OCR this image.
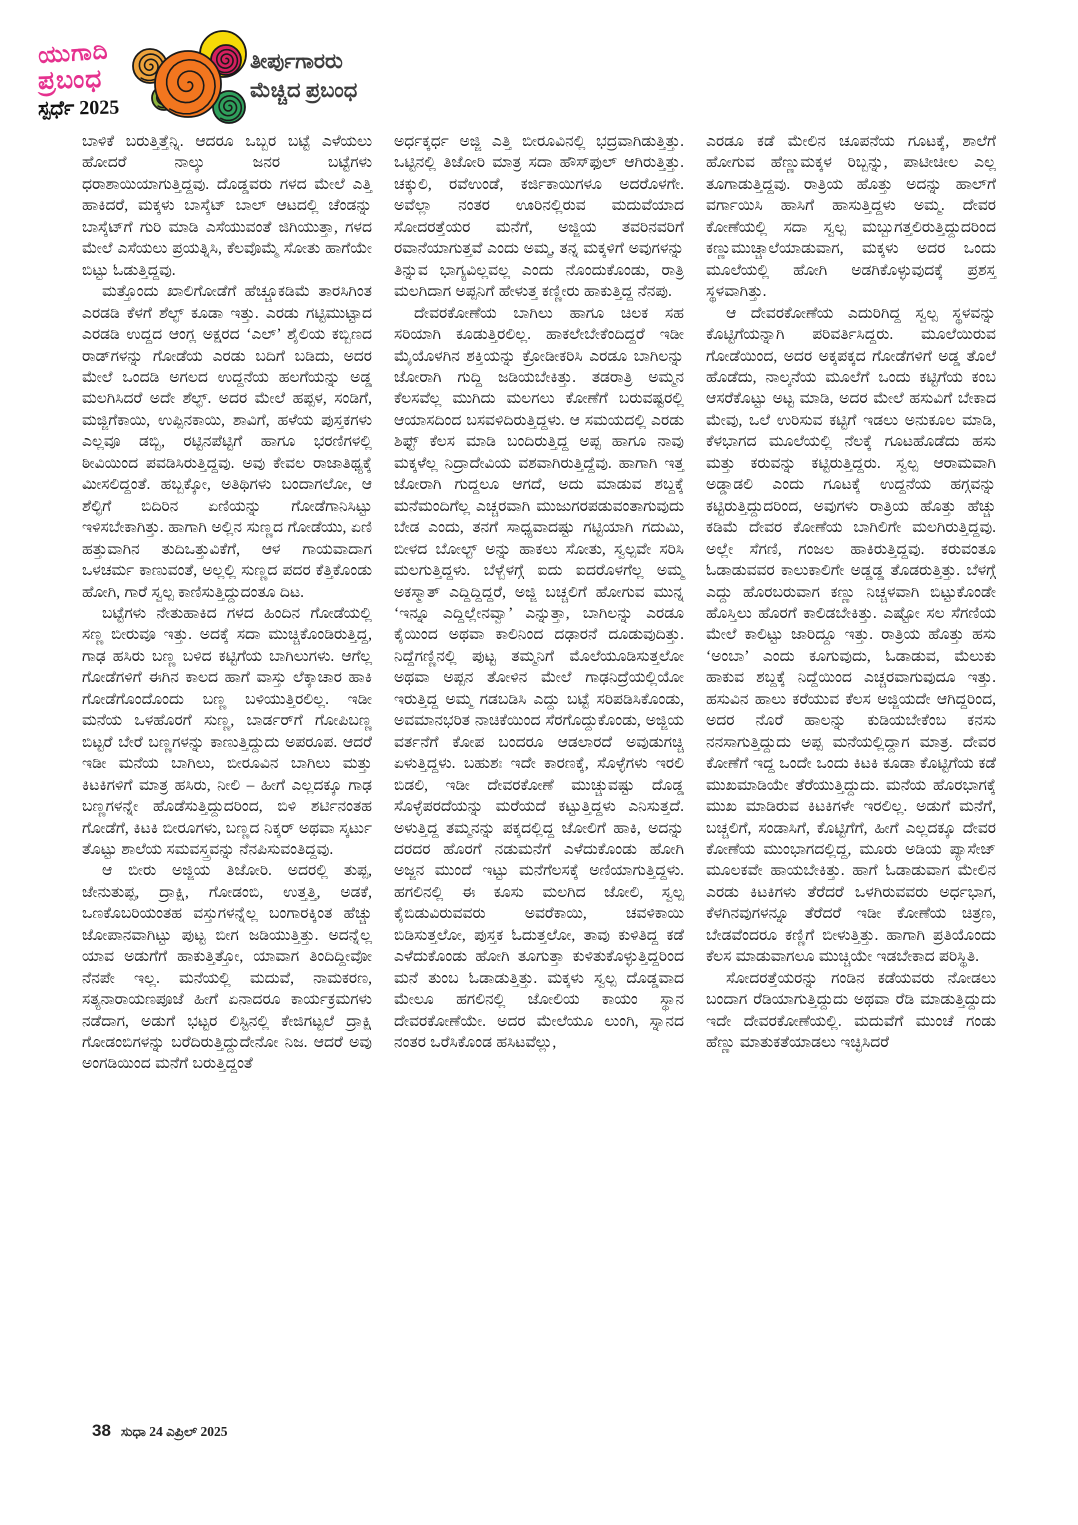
ಯುಗಾದಿ
ಪ್ರಬಂಧ
ಸ್ಪರ್ಧೆ 2025
ತೀರ್ಪುಗಾರರು
ಮೆಚ್ಚಿದ ಪ್ರಬಂಧ

ಬಾಳಿಕೆ ಬರುತ್ತಿತ್ತೆನ್ನಿ. ಆದರೂ ಒಬ್ಬರ ಬಟ್ಟೆ ಎಳೆಯಲು ಹೋದರೆ ನಾಲ್ಕು ಜನರ ಬಟ್ಟೆಗಳು ಧರಾಶಾಯಿಯಾಗುತ್ತಿದ್ದವು. ದೊಡ್ಡವರು ಗಳದ ಮೇಲೆ ಎತ್ತಿ ಹಾಕಿದರೆ, ಮಕ್ಕಳು ಬಾಸ್ಕೆಟ್ ಬಾಲ್ ಆಟದಲ್ಲಿ ಚೆಂಡನ್ನು ಬಾಸ್ಕೆಟ್‌ಗೆ ಗುರಿ ಮಾಡಿ ಎಸೆಯುವಂತೆ ಜಿಗಿಯುತ್ತಾ, ಗಳದ ಮೇಲೆ ಎಸೆಯಲು ಪ್ರಯತ್ನಿಸಿ, ಕೆಲವೊಮ್ಮೆ ಸೋತು ಹಾಗೆಯೇ ಬಿಟ್ಟು ಓಡುತ್ತಿದ್ದವು.

ಮತ್ತೊಂದು ಖಾಲಿಗೋಡೆಗೆ ಹೆಚ್ಚೂಕಡಿಮೆ ತಾರಸಿಗಿಂತ ಎರಡಡಿ ಕೆಳಗೆ ಶೆಲ್ಫ್ ಕೂಡಾ ಇತ್ತು. ಎರಡು ಗಟ್ಟಿಮುಟ್ಟಾದ ಎರಡಡಿ ಉದ್ದದ ಆಂಗ್ಲ ಅಕ್ಷರದ ‘ಎಲ್’ ಶೈಲಿಯ ಕಬ್ಬಿಣದ ರಾಡ್‌ಗಳನ್ನು ಗೋಡೆಯ ಎರಡು ಬದಿಗೆ ಬಡಿದು, ಅದರ ಮೇಲೆ ಒಂದಡಿ ಅಗಲದ ಉದ್ದನೆಯ ಹಲಗೆಯನ್ನು ಅಡ್ಡ ಮಲಗಿಸಿದರೆ ಅದೇ ಶೆಲ್ಫ್. ಅದರ ಮೇಲೆ ಹಪ್ಪಳ, ಸಂಡಿಗೆ, ಮಜ್ಜಿಗೆಕಾಯಿ, ಉಪ್ಪಿನಕಾಯಿ, ಶಾವಿಗೆ, ಹಳೆಯ ಪುಸ್ತಕಗಳು ಎಲ್ಲವೂ ಡಬ್ಬಿ, ರಟ್ಟಿನಪೆಟ್ಟಿಗೆ ಹಾಗೂ ಭರಣಿಗಳಲ್ಲಿ ಠೀವಿಯಿಂದ ಪವಡಿಸಿರುತ್ತಿದ್ದವು. ಅವು ಕೇವಲ ರಾಜಾತಿಥ್ಯಕ್ಕೆ ಮೀಸಲಿದ್ದಂತೆ. ಹಬ್ಬಕ್ಕೋ, ಅತಿಥಿಗಳು ಬಂದಾಗಲೋ, ಆ ಶೆಲ್ಫಿಗೆ ಬಿದಿರಿನ ಏಣಿಯನ್ನು ಗೋಡೆಗಾನಿಸಿಟ್ಟು ಇಳಿಸಬೇಕಾಗಿತ್ತು. ಹಾಗಾಗಿ ಅಲ್ಲಿನ ಸುಣ್ಣದ ಗೋಡೆಯು, ಏಣಿ ಹತ್ತುವಾಗಿನ ತುದಿಒತ್ತುವಿಕೆಗೆ, ಆಳ ಗಾಯವಾದಾಗ ಒಳಚರ್ಮ ಕಾಣುವಂತೆ, ಅಲ್ಲಲ್ಲಿ ಸುಣ್ಣದ ಪದರ ಕೆತ್ತಿಕೊಂಡು ಹೋಗಿ, ಗಾರೆ ಸ್ವಲ್ಪ ಕಾಣಿಸುತ್ತಿದ್ದುದಂತೂ ದಿಟ.

ಬಟ್ಟೆಗಳು ನೇತುಹಾಕಿದ ಗಳದ ಹಿಂದಿನ ಗೋಡೆಯಲ್ಲಿ ಸಣ್ಣ ಬೀರುವೂ ಇತ್ತು. ಅದಕ್ಕೆ ಸದಾ ಮುಚ್ಚಿಕೊಂಡಿರುತ್ತಿದ್ದ, ಗಾಢ ಹಸಿರು ಬಣ್ಣ ಬಳಿದ ಕಟ್ಟಿಗೆಯ ಬಾಗಿಲುಗಳು. ಆಗೆಲ್ಲ ಗೋಡೆಗಳಿಗೆ ಈಗಿನ ಕಾಲದ ಹಾಗೆ ವಾಸ್ತು ಲೆಕ್ಕಾಚಾರ ಹಾಕಿ ಗೋಡೆಗೊಂದೊಂದು ಬಣ್ಣ ಬಳಿಯುತ್ತಿರಲಿಲ್ಲ. ಇಡೀ ಮನೆಯ ಒಳಹೊರಗೆ ಸುಣ್ಣ, ಬಾರ್ಡರ್‌ಗೆ ಗೋಪಿಬಣ್ಣ ಬಿಟ್ಟರೆ ಬೇರೆ ಬಣ್ಣಗಳನ್ನು ಕಾಣುತ್ತಿದ್ದುದು ಅಪರೂಪ. ಆದರೆ ಇಡೀ ಮನೆಯ ಬಾಗಿಲು, ಬೀರೂವಿನ ಬಾಗಿಲು ಮತ್ತು ಕಿಟಕಿಗಳಿಗೆ ಮಾತ್ರ ಹಸಿರು, ನೀಲಿ – ಹೀಗೆ ಎಲ್ಲದಕ್ಕೂ ಗಾಢ ಬಣ್ಣಗಳನ್ನೇ ಹೊಡೆಸುತ್ತಿದ್ದುದರಿಂದ, ಬಿಳಿ ಶರ್ಟಿನಂತಹ ಗೋಡೆಗೆ, ಕಿಟಕಿ ಬೀರೂಗಳು, ಬಣ್ಣದ ನಿಕ್ಕರ್ ಅಥವಾ ಸ್ಕರ್ಟು ತೊಟ್ಟು ಶಾಲೆಯ ಸಮವಸ್ತ್ರವನ್ನು ನೆನಪಿಸುವಂತಿದ್ದವು.

ಆ ಬೀರು ಅಜ್ಜಿಯ ತಿಜೋರಿ. ಅದರಲ್ಲಿ ತುಪ್ಪ, ಜೇನುತುಪ್ಪ, ದ್ರಾಕ್ಷಿ, ಗೋಡಂಬಿ, ಉತ್ತತ್ತಿ, ಅಡಕೆ, ಒಣಕೊಬರಿಯಂತಹ ವಸ್ತುಗಳನ್ನೆಲ್ಲ ಬಂಗಾರಕ್ಕಿಂತ ಹೆಚ್ಚು ಜೋಪಾನವಾಗಿಟ್ಟು ಪುಟ್ಟ ಬೀಗ ಜಡಿಯುತ್ತಿತ್ತು. ಅದನ್ನೆಲ್ಲ ಯಾವ ಅಡುಗೆಗೆ ಹಾಕುತ್ತಿತ್ತೋ, ಯಾವಾಗ ತಿಂದಿದ್ದೀವೋ ನೆನಪೇ ಇಲ್ಲ. ಮನೆಯಲ್ಲಿ ಮದುವೆ, ನಾಮಕರಣ, ಸತ್ಯನಾರಾಯಣಪೂಜೆ ಹೀಗೆ ಏನಾದರೂ ಕಾರ್ಯಕ್ರಮಗಳು ನಡೆದಾಗ, ಅಡುಗೆ ಭಟ್ಟರ ಲಿಸ್ಟಿನಲ್ಲಿ ಕೇಜಿಗಟ್ಟಲೆ ದ್ರಾಕ್ಷಿ ಗೋಡಂಬಿಗಳನ್ನು ಬರೆದಿರುತ್ತಿದ್ದುದೇನೋ ನಿಜ. ಆದರೆ ಅವು ಅಂಗಡಿಯಿಂದ ಮನೆಗೆ ಬರುತ್ತಿದ್ದಂತೆ

ಅರ್ಧಕ್ಕರ್ಧ ಅಜ್ಜಿ ಎತ್ತಿ ಬೀರೂವಿನಲ್ಲಿ ಭದ್ರವಾಗಿಡುತ್ತಿತ್ತು. ಒಟ್ಟಿನಲ್ಲಿ ತಿಜೋರಿ ಮಾತ್ರ ಸದಾ ಹೌಸ್‌ಫುಲ್ ಆಗಿರುತ್ತಿತ್ತು. ಚಕ್ಕುಲಿ, ರವೆಉಂಡೆ, ಕರ್ಜಿಕಾಯಿಗಳೂ ಅದರೊಳಗೇ. ಅವೆಲ್ಲಾ ನಂತರ ಊರಿನಲ್ಲಿರುವ ಮದುವೆಯಾದ ಸೋದರತ್ತೆಯರ ಮನೆಗೆ, ಅಜ್ಜಿಯ ತವರಿನವರಿಗೆ ರವಾನೆಯಾಗುತ್ತವೆ ಎಂದು ಅಮ್ಮ, ತನ್ನ ಮಕ್ಕಳಿಗೆ ಅವುಗಳನ್ನು ತಿನ್ನುವ ಭಾಗ್ಯವಿಲ್ಲವಲ್ಲ ಎಂದು ನೊಂದುಕೊಂಡು, ರಾತ್ರಿ ಮಲಗಿದಾಗ ಅಪ್ಪನಿಗೆ ಹೇಳುತ್ತ ಕಣ್ಣೀರು ಹಾಕುತ್ತಿದ್ದ ನೆನಪು.

ದೇವರಕೋಣೆಯ ಬಾಗಿಲು ಹಾಗೂ ಚಿಲಕ ಸಹ ಸರಿಯಾಗಿ ಕೂಡುತ್ತಿರಲಿಲ್ಲ. ಹಾಕಲೇಬೇಕೆಂದಿದ್ದರೆ ಇಡೀ ಮೈಯೊಳಗಿನ ಶಕ್ತಿಯನ್ನು ಕ್ರೋಡೀಕರಿಸಿ ಎರಡೂ ಬಾಗಿಲನ್ನು ಜೋರಾಗಿ ಗುದ್ದಿ ಜಡಿಯಬೇಕಿತ್ತು. ತಡರಾತ್ರಿ ಅಮ್ಮನ ಕೆಲಸವೆಲ್ಲ ಮುಗಿದು ಮಲಗಲು ಕೋಣೆಗೆ ಬರುವಷ್ಟರಲ್ಲಿ ಆಯಾಸದಿಂದ ಬಸವಳಿದಿರುತ್ತಿದ್ದಳು. ಆ ಸಮಯದಲ್ಲಿ ಎರಡು ಶಿಫ್ಟ್ ಕೆಲಸ ಮಾಡಿ ಬಂದಿರುತ್ತಿದ್ದ ಅಪ್ಪ ಹಾಗೂ ನಾವು ಮಕ್ಕಳೆಲ್ಲ ನಿದ್ರಾದೇವಿಯ ವಶವಾಗಿರುತ್ತಿದ್ದೆವು. ಹಾಗಾಗಿ ಇತ್ತ ಜೋರಾಗಿ ಗುದ್ದಲೂ ಆಗದೆ, ಅದು ಮಾಡುವ ಶಬ್ದಕ್ಕೆ ಮನೆಮಂದಿಗೆಲ್ಲ ಎಚ್ಚರವಾಗಿ ಮುಜುಗರಪಡುವಂತಾಗುವುದು ಬೇಡ ಎಂದು, ತನಗೆ ಸಾಧ್ಯವಾದಷ್ಟು ಗಟ್ಟಿಯಾಗಿ ಗದುಮಿ, ಬೀಳದ ಬೋಲ್ಟ್ ಅನ್ನು ಹಾಕಲು ಸೋತು, ಸ್ವಲ್ಪವೇ ಸರಿಸಿ ಮಲಗುತ್ತಿದ್ದಳು. ಬೆಳ್ಬೆಳಗ್ಗೆ ಐದು ಐದರೊಳಗೆಲ್ಲ ಅಮ್ಮ ಅಕಸ್ಮಾತ್ ಎದ್ದಿದ್ದಿದ್ದರೆ, ಅಜ್ಜಿ ಬಚ್ಚಲಿಗೆ ಹೋಗುವ ಮುನ್ನ ‘ಇನ್ನೂ ಎದ್ದಿಲ್ಲೇನವ್ವಾ’ ಎನ್ನುತ್ತಾ, ಬಾಗಿಲನ್ನು ಎರಡೂ ಕೈಯಿಂದ ಅಥವಾ ಕಾಲಿನಿಂದ ದಢಾರನೆ ದೂಡುವುದಿತ್ತು. ನಿದ್ದೆಗಣ್ಣಿನಲ್ಲಿ ಪುಟ್ಟ ತಮ್ಮನಿಗೆ ಮೊಲೆಯೂಡಿಸುತ್ತಲೋ ಅಥವಾ ಅಪ್ಪನ ತೋಳಿನ ಮೇಲೆ ಗಾಢನಿದ್ರೆಯಲ್ಲಿಯೋ ಇರುತ್ತಿದ್ದ ಅಮ್ಮ ಗಡಬಡಿಸಿ ಎದ್ದು ಬಟ್ಟೆ ಸರಿಪಡಿಸಿಕೊಂಡು, ಅವಮಾನಭರಿತ ನಾಚಿಕೆಯಿಂದ ಸೆರಗೊದ್ದುಕೊಂಡು, ಅಜ್ಜಿಯ ವರ್ತನೆಗೆ ಕೋಪ ಬಂದರೂ ಆಡಲಾರದೆ ಅವುಡುಗಚ್ಚಿ ಏಳುತ್ತಿದ್ದಳು. ಬಹುಶಃ ಇದೇ ಕಾರಣಕ್ಕೆ, ಸೊಳ್ಳೆಗಳು ಇರಲಿ ಬಿಡಲಿ, ಇಡೀ ದೇವರಕೋಣೆ ಮುಚ್ಚುವಷ್ಟು ದೊಡ್ಡ ಸೊಳ್ಳೆಪರದೆಯನ್ನು ಮರೆಯದೆ ಕಟ್ಟುತ್ತಿದ್ದಳು ಎನಿಸುತ್ತದೆ. ಅಳುತ್ತಿದ್ದ ತಮ್ಮನನ್ನು ಪಕ್ಕದಲ್ಲಿದ್ದ ಜೋಲಿಗೆ ಹಾಕಿ, ಅದನ್ನು ದರದರ ಹೊರಗೆ ನಡುಮನೆಗೆ ಎಳೆದುಕೊಂಡು ಹೋಗಿ ಅಜ್ಜನ ಮುಂದೆ ಇಟ್ಟು ಮನೆಗೆಲಸಕ್ಕೆ ಅಣಿಯಾಗುತ್ತಿದ್ದಳು. ಹಗಲಿನಲ್ಲಿ ಈ ಕೂಸು ಮಲಗಿದ ಜೋಲಿ, ಸ್ವಲ್ಪ ಕೈಬಿಡುವಿರುವವರು ಅವರೆಕಾಯಿ, ಚವಳಿಕಾಯಿ ಬಿಡಿಸುತ್ತಲೋ, ಪುಸ್ತಕ ಓದುತ್ತಲೋ, ತಾವು ಕುಳಿತಿದ್ದ ಕಡೆ ಎಳೆದುಕೊಂಡು ಹೋಗಿ ತೂಗುತ್ತಾ ಕುಳಿತುಕೊಳ್ಳುತ್ತಿದ್ದರಿಂದ ಮನೆ ತುಂಬ ಓಡಾಡುತ್ತಿತ್ತು. ಮಕ್ಕಳು ಸ್ವಲ್ಪ ದೊಡ್ಡವಾದ ಮೇಲೂ ಹಗಲಿನಲ್ಲಿ ಜೋಲಿಯ ಕಾಯಂ ಸ್ಥಾನ ದೇವರಕೋಣೆಯೇ. ಅದರ ಮೇಲೆಯೂ ಲುಂಗಿ, ಸ್ನಾನದ ನಂತರ ಒರೆಸಿಕೊಂಡ ಹಸಿಟವೆಲ್ಲು,

ಎರಡೂ ಕಡೆ ಮೇಲಿನ ಚೂಪನೆಯ ಗೂಟಕ್ಕೆ, ಶಾಲೆಗೆ ಹೋಗುವ ಹೆಣ್ಣುಮಕ್ಕಳ ರಿಬ್ಬನ್ನು, ಪಾಟೀಚೀಲ ಎಲ್ಲ ತೂಗಾಡುತ್ತಿದ್ದವು. ರಾತ್ರಿಯ ಹೊತ್ತು ಅದನ್ನು ಹಾಲ್‌ಗೆ ವರ್ಗಾಯಿಸಿ ಹಾಸಿಗೆ ಹಾಸುತ್ತಿದ್ದಳು ಅಮ್ಮ. ದೇವರ ಕೋಣೆಯಲ್ಲಿ ಸದಾ ಸ್ವಲ್ಪ ಮಬ್ಬುಗತ್ತಲಿರುತ್ತಿದ್ದುದರಿಂದ ಕಣ್ಣುಮುಚ್ಚಾಲೆಯಾಡುವಾಗ, ಮಕ್ಕಳು ಅದರ ಒಂದು ಮೂಲೆಯಲ್ಲಿ ಹೋಗಿ ಅಡಗಿಕೊಳ್ಳುವುದಕ್ಕೆ ಪ್ರಶಸ್ತ ಸ್ಥಳವಾಗಿತ್ತು.

ಆ ದೇವರಕೋಣೆಯ ಎದುರಿಗಿದ್ದ ಸ್ವಲ್ಪ ಸ್ಥಳವನ್ನು ಕೊಟ್ಟಿಗೆಯನ್ನಾಗಿ ಪರಿವರ್ತಿಸಿದ್ದರು. ಮೂಲೆಯಿರುವ ಗೋಡೆಯಿಂದ, ಅದರ ಅಕ್ಕಪಕ್ಕದ ಗೋಡೆಗಳಿಗೆ ಅಡ್ಡ ತೊಲೆ ಹೊಡೆದು, ನಾಲ್ಕನೆಯ ಮೂಲೆಗೆ ಒಂದು ಕಟ್ಟಿಗೆಯ ಕಂಬ ಆಸರೆಕೊಟ್ಟು ಅಟ್ಟ ಮಾಡಿ, ಅದರ ಮೇಲೆ ಹಸುವಿಗೆ ಬೇಕಾದ ಮೇವು, ಒಲೆ ಉರಿಸುವ ಕಟ್ಟಿಗೆ ಇಡಲು ಅನುಕೂಲ ಮಾಡಿ, ಕೆಳಭಾಗದ ಮೂಲೆಯಲ್ಲಿ ನೆಲಕ್ಕೆ ಗೂಟಹೊಡೆದು ಹಸು ಮತ್ತು ಕರುವನ್ನು ಕಟ್ಟಿರುತ್ತಿದ್ದರು. ಸ್ವಲ್ಪ ಆರಾಮವಾಗಿ ಅಡ್ಡಾಡಲಿ ಎಂದು ಗೂಟಕ್ಕೆ ಉದ್ದನೆಯ ಹಗ್ಗವನ್ನು ಕಟ್ಟಿರುತ್ತಿದ್ದುದರಿಂದ, ಅವುಗಳು ರಾತ್ರಿಯ ಹೊತ್ತು ಹೆಚ್ಚು ಕಡಿಮೆ ದೇವರ ಕೋಣೆಯ ಬಾಗಿಲಿಗೇ ಮಲಗಿರುತ್ತಿದ್ದವು. ಅಲ್ಲೇ ಸೆಗಣಿ, ಗಂಜಲ ಹಾಕಿರುತ್ತಿದ್ದವು. ಕರುವಂತೂ ಓಡಾಡುವವರ ಕಾಲುಕಾಲಿಗೇ ಅಡ್ಡಡ್ಡ ತೊಡರುತ್ತಿತ್ತು. ಬೆಳಗ್ಗೆ ಎದ್ದು ಹೊರಬರುವಾಗ ಕಣ್ಣು ನಿಚ್ಚಳವಾಗಿ ಬಿಟ್ಟುಕೊಂಡೇ ಹೊಸ್ತಿಲು ಹೊರಗೆ ಕಾಲಿಡಬೇಕಿತ್ತು. ಎಷ್ಟೋ ಸಲ ಸೆಗಣಿಯ ಮೇಲೆ ಕಾಲಿಟ್ಟು ಜಾರಿದ್ದೂ ಇತ್ತು. ರಾತ್ರಿಯ ಹೊತ್ತು ಹಸು ‘ಅಂಬಾ’ ಎಂದು ಕೂಗುವುದು, ಓಡಾಡುವ, ಮೆಲುಕು ಹಾಕುವ ಶಬ್ದಕ್ಕೆ ನಿದ್ದೆಯಿಂದ ಎಚ್ಚರವಾಗುವುದೂ ಇತ್ತು. ಹಸುವಿನ ಹಾಲು ಕರೆಯುವ ಕೆಲಸ ಅಜ್ಜಿಯದೇ ಆಗಿದ್ದರಿಂದ, ಅದರ ನೊರೆ ಹಾಲನ್ನು ಕುಡಿಯಬೇಕೆಂಬ ಕನಸು ನನಸಾಗುತ್ತಿದ್ದುದು ಅಪ್ಪ ಮನೆಯಲ್ಲಿದ್ದಾಗ ಮಾತ್ರ. ದೇವರ ಕೋಣೆಗೆ ಇದ್ದ ಒಂದೇ ಒಂದು ಕಿಟಕಿ ಕೂಡಾ ಕೊಟ್ಟಿಗೆಯ ಕಡೆ ಮುಖಮಾಡಿಯೇ ತೆರೆಯುತ್ತಿದ್ದುದು. ಮನೆಯ ಹೊರಭಾಗಕ್ಕೆ ಮುಖ ಮಾಡಿರುವ ಕಿಟಕಿಗಳೇ ಇರಲಿಲ್ಲ. ಅಡುಗೆ ಮನೆಗೆ, ಬಚ್ಚಲಿಗೆ, ಸಂಡಾಸಿಗೆ, ಕೊಟ್ಟಿಗೆಗೆ, ಹೀಗೆ ಎಲ್ಲದಕ್ಕೂ ದೇವರ ಕೋಣೆಯ ಮುಂಭಾಗದಲ್ಲಿದ್ದ, ಮೂರು ಅಡಿಯ ಪ್ಯಾಸೇಜ್ ಮೂಲಕವೇ ಹಾಯಬೇಕಿತ್ತು. ಹಾಗೆ ಓಡಾಡುವಾಗ ಮೇಲಿನ ಎರಡು ಕಿಟಕಿಗಳು ತೆರೆದರೆ ಒಳಗಿರುವವರು ಅರ್ಧಭಾಗ, ಕೆಳಗಿನವುಗಳನ್ನೂ ತೆರೆದರೆ ಇಡೀ ಕೋಣೆಯ ಚಿತ್ರಣ, ಬೇಡವೆಂದರೂ ಕಣ್ಣಿಗೆ ಬೀಳುತ್ತಿತ್ತು. ಹಾಗಾಗಿ ಪ್ರತಿಯೊಂದು ಕೆಲಸ ಮಾಡುವಾಗಲೂ ಮುಚ್ಚಿಯೇ ಇಡಬೇಕಾದ ಪರಿಸ್ಥಿತಿ.

ಸೋದರತ್ತೆಯರನ್ನು ಗಂಡಿನ ಕಡೆಯವರು ನೋಡಲು ಬಂದಾಗ ರೆಡಿಯಾಗುತ್ತಿದ್ದುದು ಅಥವಾ ರೆಡಿ ಮಾಡುತ್ತಿದ್ದುದು ಇದೇ ದೇವರಕೋಣೆಯಲ್ಲಿ. ಮದುವೆಗೆ ಮುಂಚೆ ಗಂಡು ಹೆಣ್ಣು ಮಾತುಕತೆಯಾಡಲು ಇಚ್ಛಿಸಿದರೆ

38 ಸುಧಾ 24 ಎಪ್ರಿಲ್ 2025
